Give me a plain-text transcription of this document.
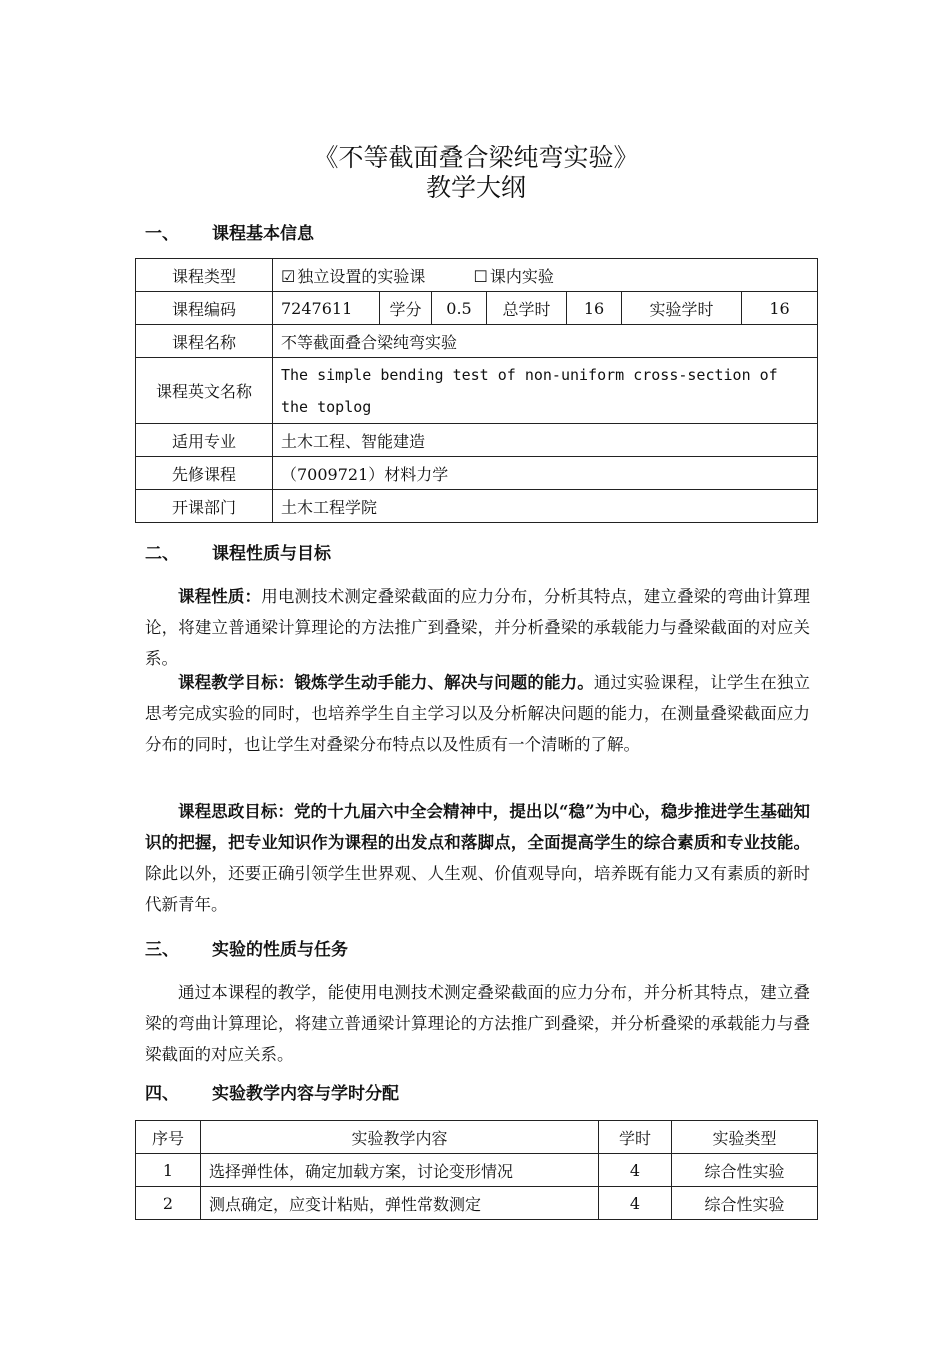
《不等截面叠合梁纯弯实验》
教学大纲
一、 课程基本信息
课程类型	☑ 独立设置的实验课 ☐ 课内实验						
课程编码	7247611	学分	0.5	总学时	16	实验学时	16
课程名称	不等截面叠合梁纯弯实验						
课程英文名称	The simple bending test of non-uniform cross-section of the toplog						
适用专业	土木工程、智能建造						
先修课程	（7009721）材料力学						
开课部门	土木工程学院						
二、 课程性质与目标
课程性质：用电测技术测定叠梁截面的应力分布，分析其特点，建立叠梁的弯曲计算理论，将建立普通梁计算理论的方法推广到叠梁，并分析叠梁的承载能力与叠梁截面的对应关系。
课程教学目标：锻炼学生动手能力、解决与问题的能力。通过实验课程，让学生在独立思考完成实验的同时，也培养学生自主学习以及分析解决问题的能力，在测量叠梁截面应力分布的同时，也让学生对叠梁分布特点以及性质有一个清晰的了解。
课程思政目标：党的十九届六中全会精神中，提出以“稳”为中心，稳步推进学生基础知识的把握，把专业知识作为课程的出发点和落脚点，全面提高学生的综合素质和专业技能。除此以外，还要正确引领学生世界观、人生观、价值观导向，培养既有能力又有素质的新时代新青年。
三、 实验的性质与任务
通过本课程的教学，能使用电测技术测定叠梁截面的应力分布，并分析其特点，建立叠梁的弯曲计算理论，将建立普通梁计算理论的方法推广到叠梁，并分析叠梁的承载能力与叠梁截面的对应关系。
四、 实验教学内容与学时分配
序号	实验教学内容	学时	实验类型
1	选择弹性体，确定加载方案，讨论变形情况	4	综合性实验
2	测点确定，应变计粘贴，弹性常数测定	4	综合性实验
